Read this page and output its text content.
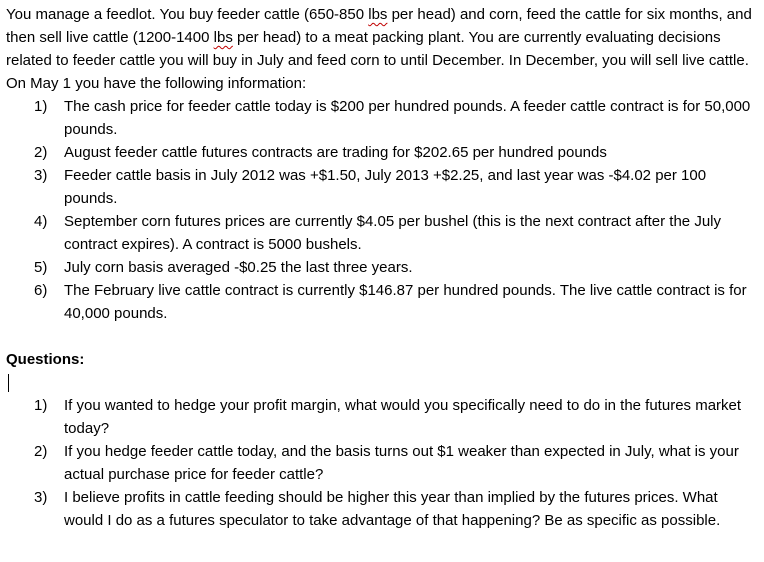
You manage a feedlot. You buy feeder cattle (650-850 lbs per head) and corn, feed the cattle for six months, and then sell live cattle (1200-1400 lbs per head) to a meat packing plant. You are currently evaluating decisions related to feeder cattle you will buy in July and feed corn to until December. In December, you will sell live cattle. On May 1 you have the following information:

1) The cash price for feeder cattle today is $200 per hundred pounds. A feeder cattle contract is for 50,000 pounds.
2) August feeder cattle futures contracts are trading for $202.65 per hundred pounds
3) Feeder cattle basis in July 2012 was +$1.50, July 2013 +$2.25, and last year was -$4.02 per 100 pounds.
4) September corn futures prices are currently $4.05 per bushel (this is the next contract after the July contract expires). A contract is 5000 bushels.
5) July corn basis averaged -$0.25 the last three years.
6) The February live cattle contract is currently $146.87 per hundred pounds. The live cattle contract is for 40,000 pounds.

Questions:

1) If you wanted to hedge your profit margin, what would you specifically need to do in the futures market today?
2) If you hedge feeder cattle today, and the basis turns out $1 weaker than expected in July, what is your actual purchase price for feeder cattle?
3) I believe profits in cattle feeding should be higher this year than implied by the futures prices. What would I do as a futures speculator to take advantage of that happening? Be as specific as possible.
